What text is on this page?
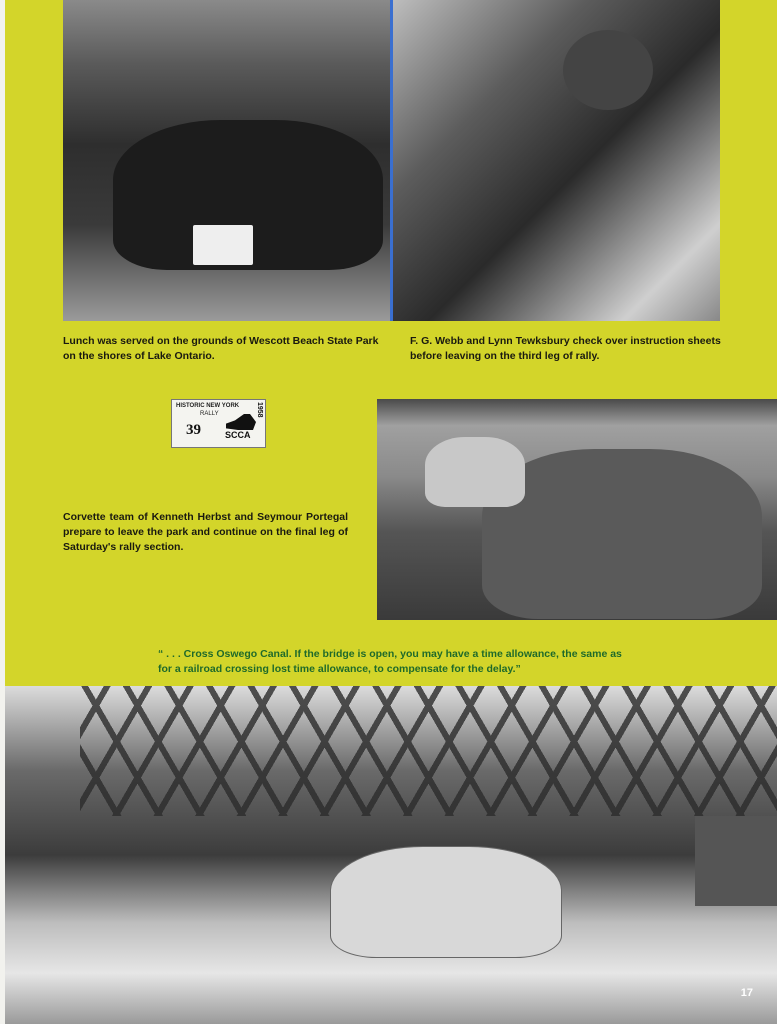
Lunch was served on the grounds of Wescott Beach State Park on the shores of Lake Ontario.
F. G. Webb and Lynn Tewksbury check over instruction sheets before leaving on the third leg of rally.
HISTORIC NEW YORK
RALLY
39	SCCA
1958
Corvette team of Kenneth Herbst and Seymour Portegal prepare to leave the park and continue on the final leg of Saturday's rally section.
“ . . . Cross Oswego Canal. If the bridge is open, you may have a time allowance, the same as for a railroad crossing lost time allowance, to compensate for the delay.”
17
